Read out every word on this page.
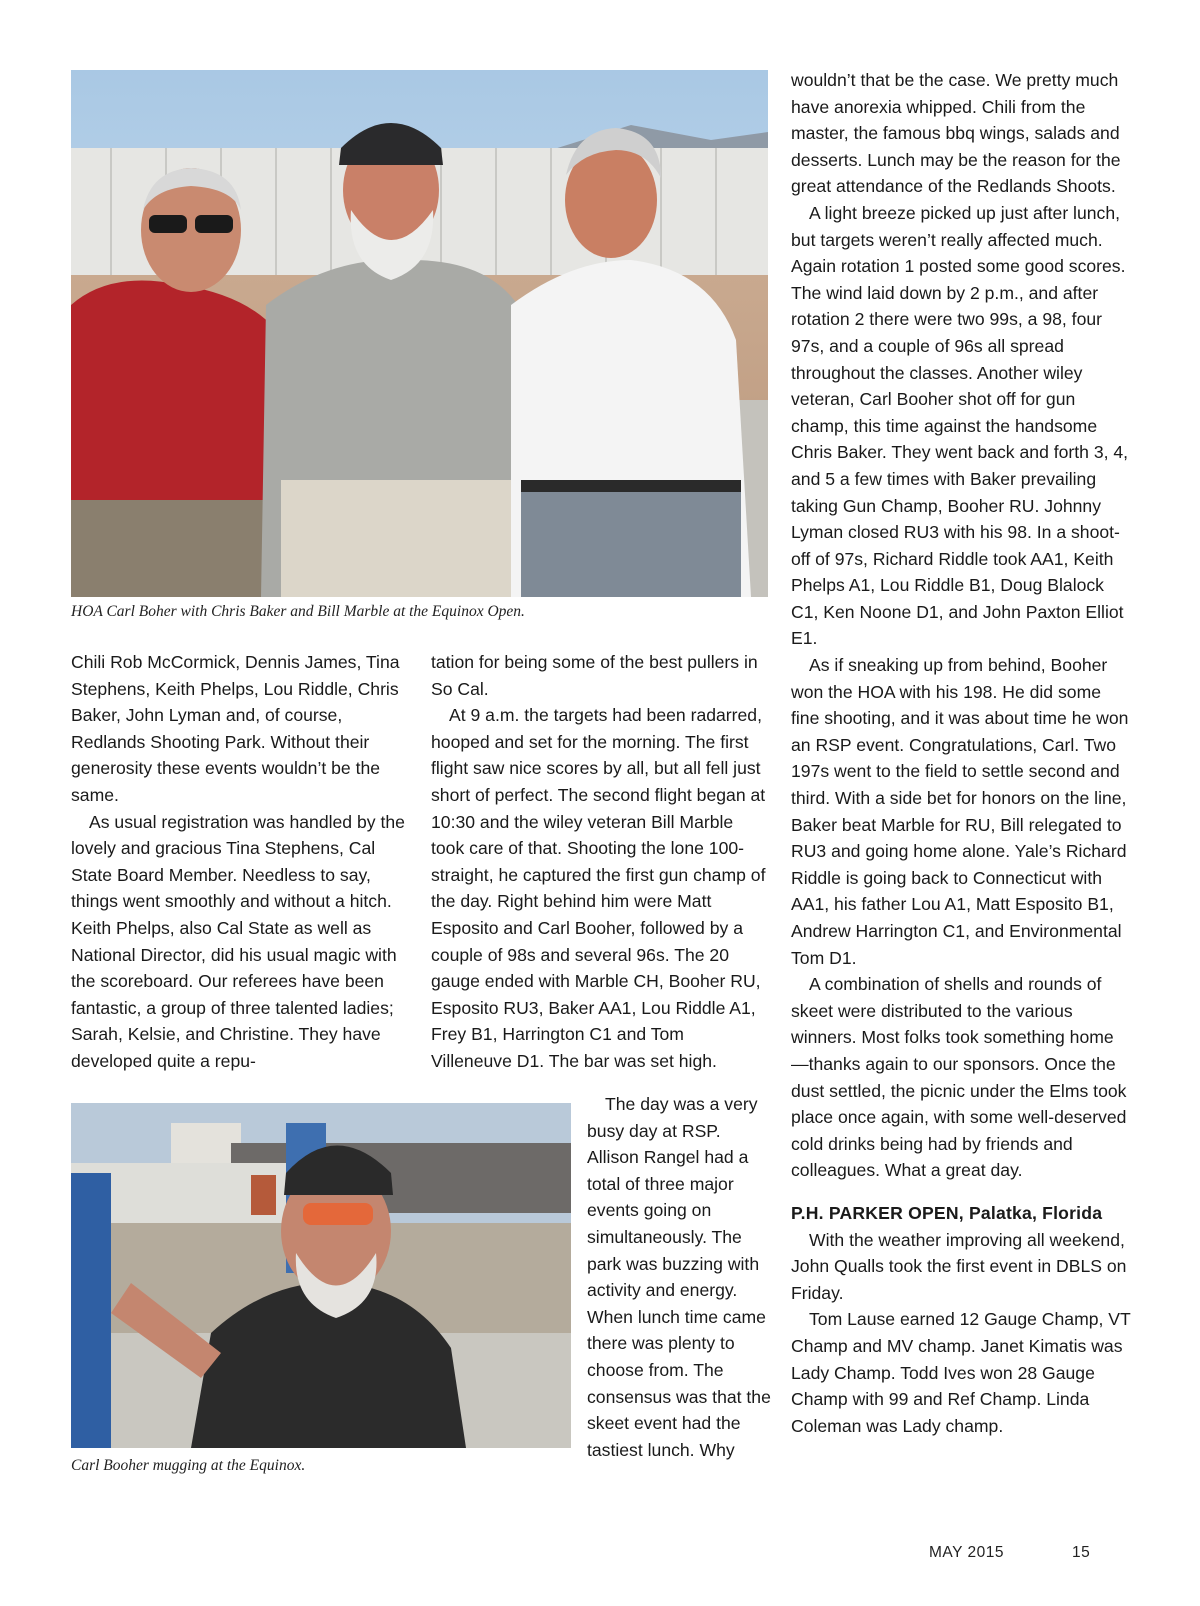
HOA Carl Boher with Chris Baker and Bill Marble at the Equinox Open.

Chili Rob McCormick, Dennis James, Tina Stephens, Keith Phelps, Lou Riddle, Chris Baker, John Lyman and, of course, Redlands Shooting Park. Without their generosity these events wouldn’t be the same.

As usual registration was handled by the lovely and gracious Tina Stephens, Cal State Board Member. Needless to say, things went smoothly and without a hitch. Keith Phelps, also Cal State as well as National Director, did his usual magic with the scoreboard. Our referees have been fantastic, a group of three talented ladies; Sarah, Kelsie, and Christine. They have developed quite a repu-

tation for being some of the best pullers in So Cal.

At 9 a.m. the targets had been radarred, hooped and set for the morning. The first flight saw nice scores by all, but all fell just short of perfect. The second flight began at 10:30 and the wiley veteran Bill Marble took care of that. Shooting the lone 100-straight, he captured the first gun champ of the day. Right behind him were Matt Esposito and Carl Booher, followed by a couple of 98s and several 96s. The 20 gauge ended with Marble CH, Booher RU, Esposito RU3, Baker AA1, Lou Riddle A1, Frey B1, Harrington C1 and Tom Villeneuve D1. The bar was set high.

Carl Booher mugging at the Equinox.

The day was a very busy day at RSP. Allison Rangel had a total of three major events going on simultaneously. The park was buzzing with activity and energy. When lunch time came there was plenty to choose from. The consensus was that the skeet event had the tastiest lunch. Why

wouldn’t that be the case. We pretty much have anorexia whipped. Chili from the master, the famous bbq wings, salads and desserts. Lunch may be the reason for the great attendance of the Redlands Shoots.

A light breeze picked up just after lunch, but targets weren’t really affected much. Again rotation 1 posted some good scores. The wind laid down by 2 p.m., and after rotation 2 there were two 99s, a 98, four 97s, and a couple of 96s all spread throughout the classes. Another wiley veteran, Carl Booher shot off for gun champ, this time against the handsome Chris Baker. They went back and forth 3, 4, and 5 a few times with Baker prevailing taking Gun Champ, Booher RU. Johnny Lyman closed RU3 with his 98. In a shoot-off of 97s, Richard Riddle took AA1, Keith Phelps A1, Lou Riddle B1, Doug Blalock C1, Ken Noone D1, and John Paxton Elliot E1.

As if sneaking up from behind, Booher won the HOA with his 198. He did some fine shooting, and it was about time he won an RSP event. Congratulations, Carl. Two 197s went to the field to settle second and third. With a side bet for honors on the line, Baker beat Marble for RU, Bill relegated to RU3 and going home alone. Yale’s Richard Riddle is going back to Connecticut with AA1, his father Lou A1, Matt Esposito B1, Andrew Harrington C1, and Environmental Tom D1.

A combination of shells and rounds of skeet were distributed to the various winners. Most folks took something home—thanks again to our sponsors. Once the dust settled, the picnic under the Elms took place once again, with some well-deserved cold drinks being had by friends and colleagues. What a great day.

P.H. PARKER OPEN, Palatka, Florida

With the weather improving all weekend, John Qualls took the first event in DBLS on Friday.

Tom Lause earned 12 Gauge Champ, VT Champ and MV champ. Janet Kimatis was Lady Champ. Todd Ives won 28 Gauge Champ with 99 and Ref Champ. Linda Coleman was Lady champ.

MAY 2015	15
